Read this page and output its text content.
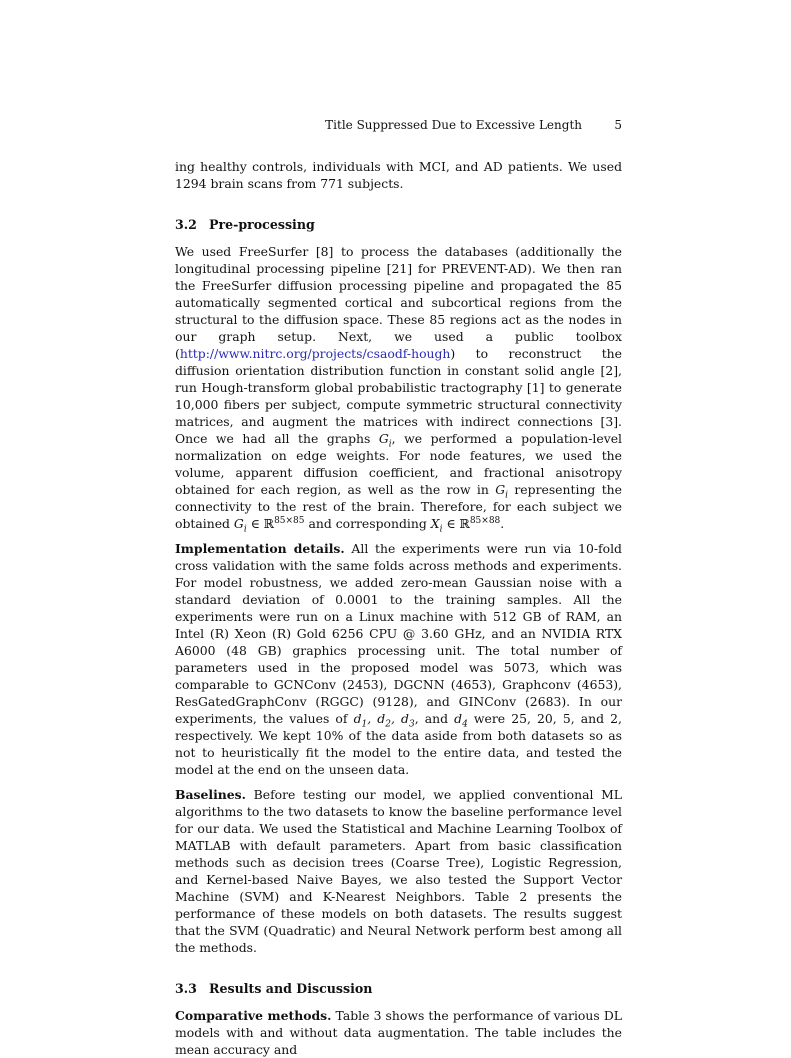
Title Suppressed Due to Excessive Length	5

ing healthy controls, individuals with MCI, and AD patients. We used 1294 brain scans from 771 subjects.

3.2 Pre-processing

We used FreeSurfer [8] to process the databases (additionally the longitudinal processing pipeline [21] for PREVENT-AD). We then ran the FreeSurfer diffusion processing pipeline and propagated the 85 automatically segmented cortical and subcortical regions from the structural to the diffusion space. These 85 regions act as the nodes in our graph setup. Next, we used a public toolbox (http://www.nitrc.org/projects/csaodf-hough) to reconstruct the diffusion orientation distribution function in constant solid angle [2], run Hough-transform global probabilistic tractography [1] to generate 10,000 fibers per subject, compute symmetric structural connectivity matrices, and augment the matrices with indirect connections [3]. Once we had all the graphs $G_i$, we performed a population-level normalization on edge weights. For node features, we used the volume, apparent diffusion coefficient, and fractional anisotropy obtained for each region, as well as the row in $G_i$ representing the connectivity to the rest of the brain. Therefore, for each subject we obtained $G_i$ ∈ ℝ$^{85\times 85}$ and corresponding $X_i$ ∈ ℝ$^{85\times 88}$.

Implementation details. All the experiments were run via 10-fold cross validation with the same folds across methods and experiments. For model robustness, we added zero-mean Gaussian noise with a standard deviation of 0.0001 to the training samples. All the experiments were run on a Linux machine with 512 GB of RAM, an Intel (R) Xeon (R) Gold 6256 CPU @ 3.60 GHz, and an NVIDIA RTX A6000 (48 GB) graphics processing unit. The total number of parameters used in the proposed model was 5073, which was comparable to GCNConv (2453), DGCNN (4653), Graphconv (4653), ResGatedGraphConv (RGGC) (9128), and GINConv (2683). In our experiments, the values of $d_1$, $d_2$, $d_3$, and $d_4$ were 25, 20, 5, and 2, respectively. We kept 10% of the data aside from both datasets so as not to heuristically fit the model to the entire data, and tested the model at the end on the unseen data.

Baselines. Before testing our model, we applied conventional ML algorithms to the two datasets to know the baseline performance level for our data. We used the Statistical and Machine Learning Toolbox of MATLAB with default parameters. Apart from basic classification methods such as decision trees (Coarse Tree), Logistic Regression, and Kernel-based Naive Bayes, we also tested the Support Vector Machine (SVM) and K-Nearest Neighbors. Table 2 presents the performance of these models on both datasets. The results suggest that the SVM (Quadratic) and Neural Network perform best among all the methods.

3.3 Results and Discussion

Comparative methods. Table 3 shows the performance of various DL models with and without data augmentation. The table includes the mean accuracy and
